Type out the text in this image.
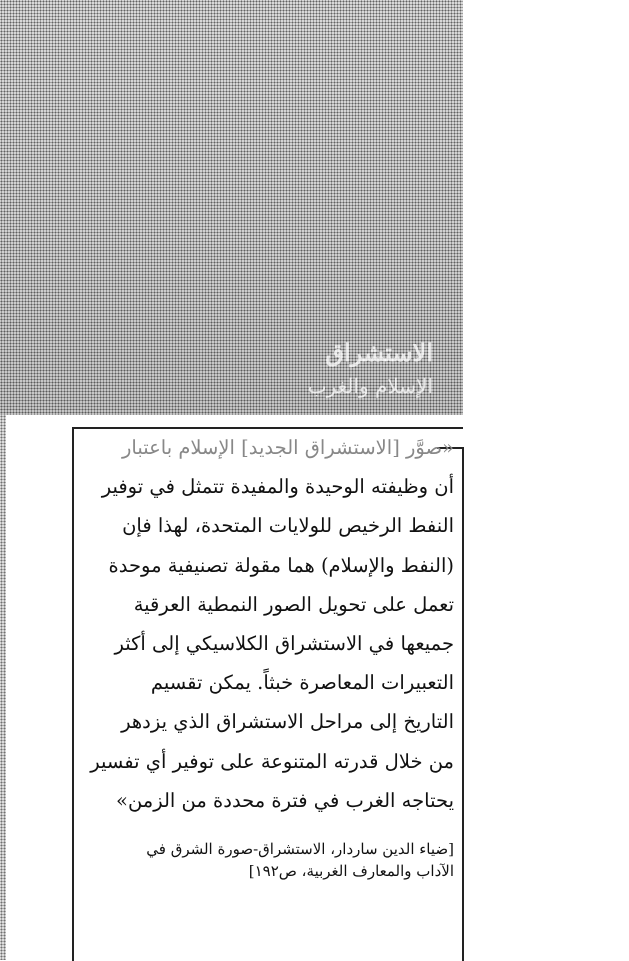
الاستشراق
الإسلام والغرب
«صوَّر [الاستشراق الجديد] الإسلام باعتبار
أن وظيفته الوحيدة والمفيدة تتمثل في توفير
النفط الرخيص للولايات المتحدة، لهذا فإن
(النفط والإسلام) هما مقولة تصنيفية موحدة
تعمل على تحويل الصور النمطية العرقية
جميعها في الاستشراق الكلاسيكي إلى أكثر
التعبيرات المعاصرة خبثاً. يمكن تقسيم
التاريخ إلى مراحل الاستشراق الذي يزدهر
من خلال قدرته المتنوعة على توفير أي تفسير
يحتاجه الغرب في فترة محددة من الزمن»
[ضياء الدين ساردار، الاستشراق-صورة الشرق في
الآداب والمعارف الغربية، ص١٩٢]
